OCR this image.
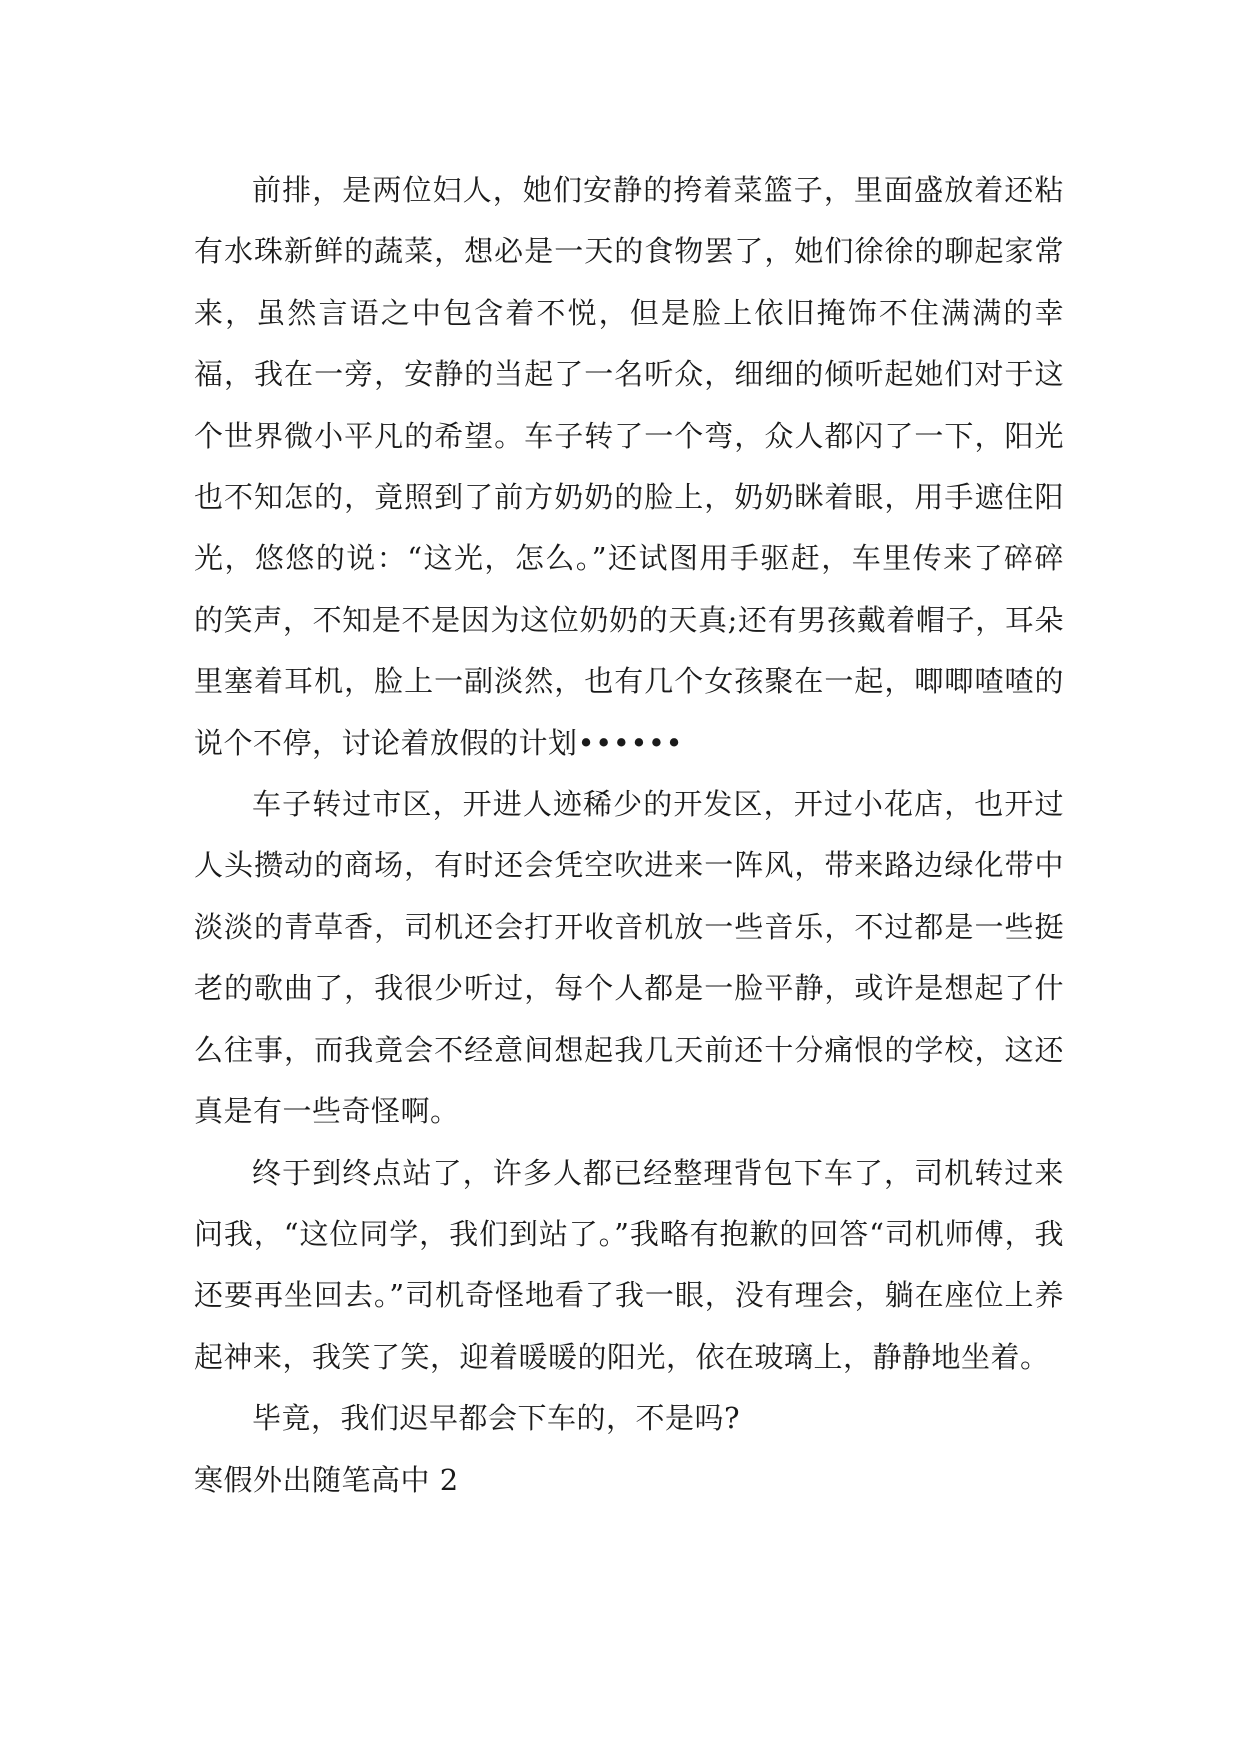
前排，是两位妇人，她们安静的挎着菜篮子，里面盛放着还粘有水珠新鲜的蔬菜，想必是一天的食物罢了，她们徐徐的聊起家常来，虽然言语之中包含着不悦，但是脸上依旧掩饰不住满满的幸福，我在一旁，安静的当起了一名听众，细细的倾听起她们对于这个世界微小平凡的希望。车子转了一个弯，众人都闪了一下，阳光也不知怎的，竟照到了前方奶奶的脸上，奶奶眯着眼，用手遮住阳光，悠悠的说：“这光，怎么。”还试图用手驱赶，车里传来了碎碎的笑声，不知是不是因为这位奶奶的天真;还有男孩戴着帽子，耳朵里塞着耳机，脸上一副淡然，也有几个女孩聚在一起，唧唧喳喳的说个不停，讨论着放假的计划••••••

车子转过市区，开进人迹稀少的开发区，开过小花店，也开过人头攒动的商场，有时还会凭空吹进来一阵风，带来路边绿化带中淡淡的青草香，司机还会打开收音机放一些音乐，不过都是一些挺老的歌曲了，我很少听过，每个人都是一脸平静，或许是想起了什么往事，而我竟会不经意间想起我几天前还十分痛恨的学校，这还真是有一些奇怪啊。

终于到终点站了，许多人都已经整理背包下车了，司机转过来问我，“这位同学，我们到站了。”我略有抱歉的回答“司机师傅，我还要再坐回去。”司机奇怪地看了我一眼，没有理会，躺在座位上养起神来，我笑了笑，迎着暖暖的阳光，依在玻璃上，静静地坐着。

毕竟，我们迟早都会下车的，不是吗?

寒假外出随笔高中 2
